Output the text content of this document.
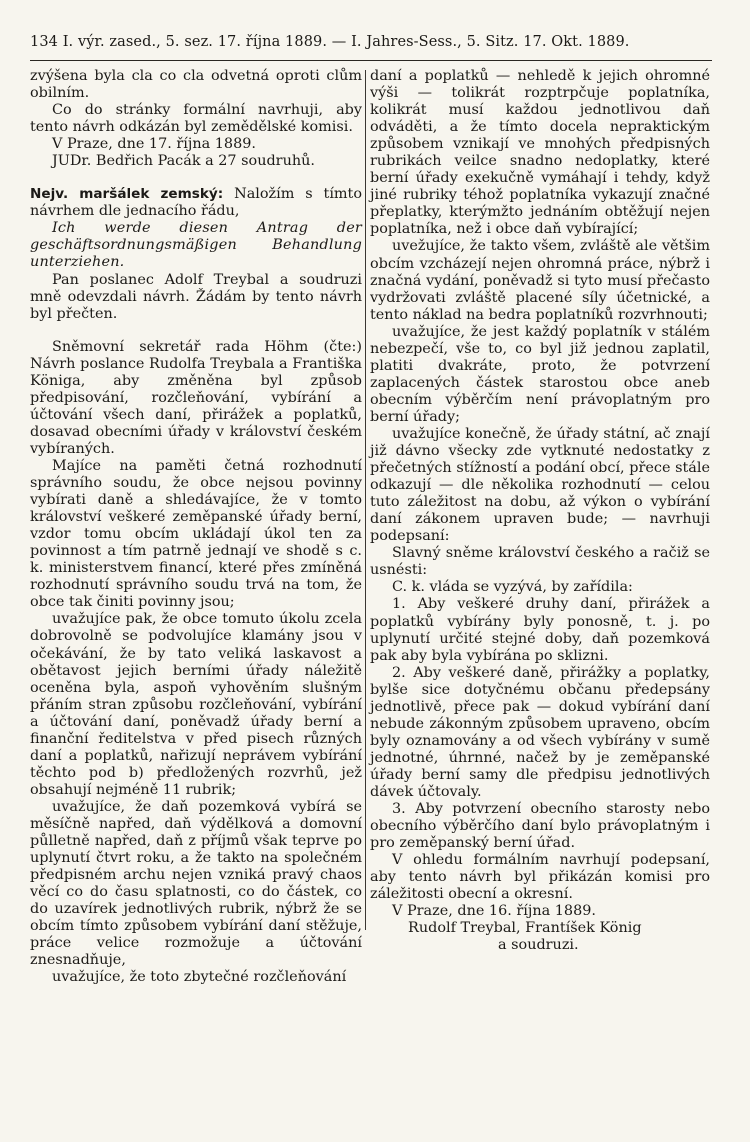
134 I. výr. zased., 5. sez. 17. října 1889. — I. Jahres-Sess., 5. Sitz. 17. Okt. 1889.

zvýšena byla cla co cla odvetná oproti clům obilním.

Co do stránky formální navrhuji, aby tento návrh odkázán byl zemědělské komisi.

V Praze, dne 17. října 1889.

JUDr. Bedřich Pacák a 27 soudruhů.

Nejv. maršálek zemský: Naložím s tímto návrhem dle jednacího řádu,

Ich werde diesen Antrag der geschäftsordnungsmäßigen Behandlung unterziehen.

Pan poslanec Adolf Treybal a soudruzi mně odevzdali návrh. Žádám by tento návrh byl přečten.

Sněmovní sekretář rada Höhm (čte:) Návrh poslance Rudolfa Treybala a Františka Königa, aby změněna byl způsob předpisování, rozčleňování, vybírání a účtování všech daní, přirážek a poplatků, dosavad obecními úřady v království českém vybíraných.

Majíce na paměti četná rozhodnutí správního soudu, že obce nejsou povinny vybírati daně a shledávajíce, že v tomto království veškeré zeměpanské úřady berní, vzdor tomu obcím ukládají úkol ten za povinnost a tím patrně jednají ve shodě s c. k. ministerstvem financí, které přes zmíněná rozhodnutí správního soudu trvá na tom, že obce tak činiti povinny jsou;

uvažujíce pak, že obce tomuto úkolu zcela dobrovolně se podvolujíce klamány jsou v očekávání, že by tato veliká laskavost a obětavost jejich berními úřady náležitě oceněna byla, aspoň vyhověním slušným přáním stran způsobu rozčleňování, vybírání a účtování daní, poněvadž úřady berní a finanční ředitelstva v před pisech různých daní a poplatků, nařizují neprávem vybírání těchto pod b) předložených rozvrhů, jež obsahují nejméně 11 rubrik;

uvažujíce, že daň pozemková vybírá se měsíčně napřed, daň výdělková a domovní půlletně napřed, daň z příjmů však teprve po uplynutí čtvrt roku, a že takto na společném předpisném archu nejen vzniká pravý chaos věcí co do času splatnosti, co do částek, co do uzavírek jednotlivých rubrik, nýbrž že se obcím tímto způsobem vybírání daní stěžuje, práce velice rozmožuje a účtování znesnadňuje,

uvažujíce, že toto zbytečné rozčleňování

daní a poplatků — nehledě k jejich ohromné výši — tolikrát rozptrpčuje poplatníka, kolikrát musí každou jednotlivou daň odváděti, a že tímto docela nepraktickým způsobem vznikají ve mnohých předpisných rubrikách veilce snadno nedoplatky, které berní úřady exekučně vymáhají i tehdy, když jiné rubriky téhož poplatníka vykazují značné přeplatky, kterýmžto jednáním obtěžují nejen poplatníka, než i obce daň vybírající;

uvežujíce, že takto všem, zvláště ale většim obcím vzcházejí nejen ohromná práce, nýbrž i značná vydání, poněvadž si tyto musí přečasto vydržovati zvláště placené síly účetnické, a tento náklad na bedra poplatníků rozvrhnouti;

uvažujíce, že jest každý poplatník v stálém nebezpečí, vše to, co byl již jednou zaplatil, platiti dvakráte, proto, že potvrzení zaplacených částek starostou obce aneb obecním výběrčím není právoplatným pro berní úřady;

uvažujíce konečně, že úřady státní, ač znají již dávno všecky zde vytknuté nedostatky z přečetných stížností a podání obcí, přece stále odkazují — dle několika rozhodnutí — celou tuto záležitost na dobu, až výkon o vybírání daní zákonem upraven bude; — navrhuji podepsaní:

Slavný sněme království českého a račiž se usnésti:

C. k. vláda se vyzývá, by zařídila:

1. Aby veškeré druhy daní, přirážek a poplatků vybírány byly ponosně, t. j. po uplynutí určité stejné doby, daň pozemková pak aby byla vybírána po sklizni.

2. Aby veškeré daně, přirážky a poplatky, bylše sice dotyčnému občanu předepsány jednotlivě, přece pak — dokud vybírání daní nebude zákonným způsobem upraveno, obcím byly oznamovány a od všech vybírány v sumě jednotné, úhrnné, načež by je zeměpanské úřady berní samy dle předpisu jednotlivých dávek účtovaly.

3. Aby potvrzení obecního starosty nebo obecního výběrčího daní bylo právoplatným i pro zeměpanský berní úřad.

V ohledu formálním navrhují podepsaní, aby tento návrh byl přikázán komisi pro záležitosti obecní a okresní.

V Praze, dne 16. října 1889.

Rudolf Treybal, Frantíšek König

a soudruzi.
